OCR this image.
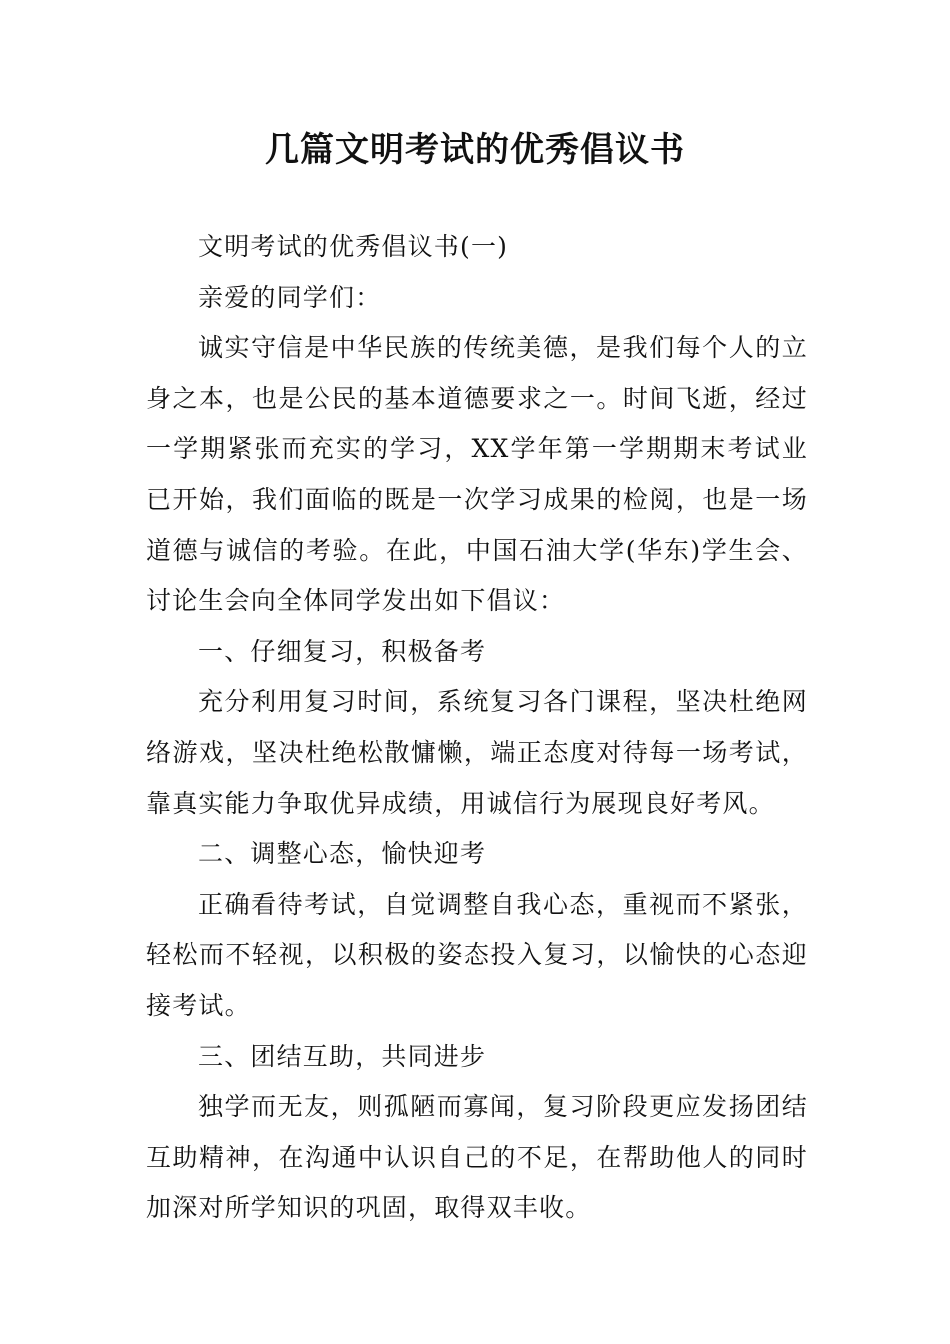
几篇文明考试的优秀倡议书

文明考试的优秀倡议书(一)

亲爱的同学们：

诚实守信是中华民族的传统美德，是我们每个人的立身之本，也是公民的基本道德要求之一。时间飞逝，经过一学期紧张而充实的学习，XX学年第一学期期末考试业已开始，我们面临的既是一次学习成果的检阅，也是一场道德与诚信的考验。在此，中国石油大学(华东)学生会、讨论生会向全体同学发出如下倡议：

一、仔细复习，积极备考

充分利用复习时间，系统复习各门课程，坚决杜绝网络游戏，坚决杜绝松散慵懒，端正态度对待每一场考试，靠真实能力争取优异成绩，用诚信行为展现良好考风。

二、调整心态，愉快迎考

正确看待考试，自觉调整自我心态，重视而不紧张，轻松而不轻视，以积极的姿态投入复习，以愉快的心态迎接考试。

三、团结互助，共同进步

独学而无友，则孤陋而寡闻，复习阶段更应发扬团结互助精神，在沟通中认识自己的不足，在帮助他人的同时加深对所学知识的巩固，取得双丰收。
